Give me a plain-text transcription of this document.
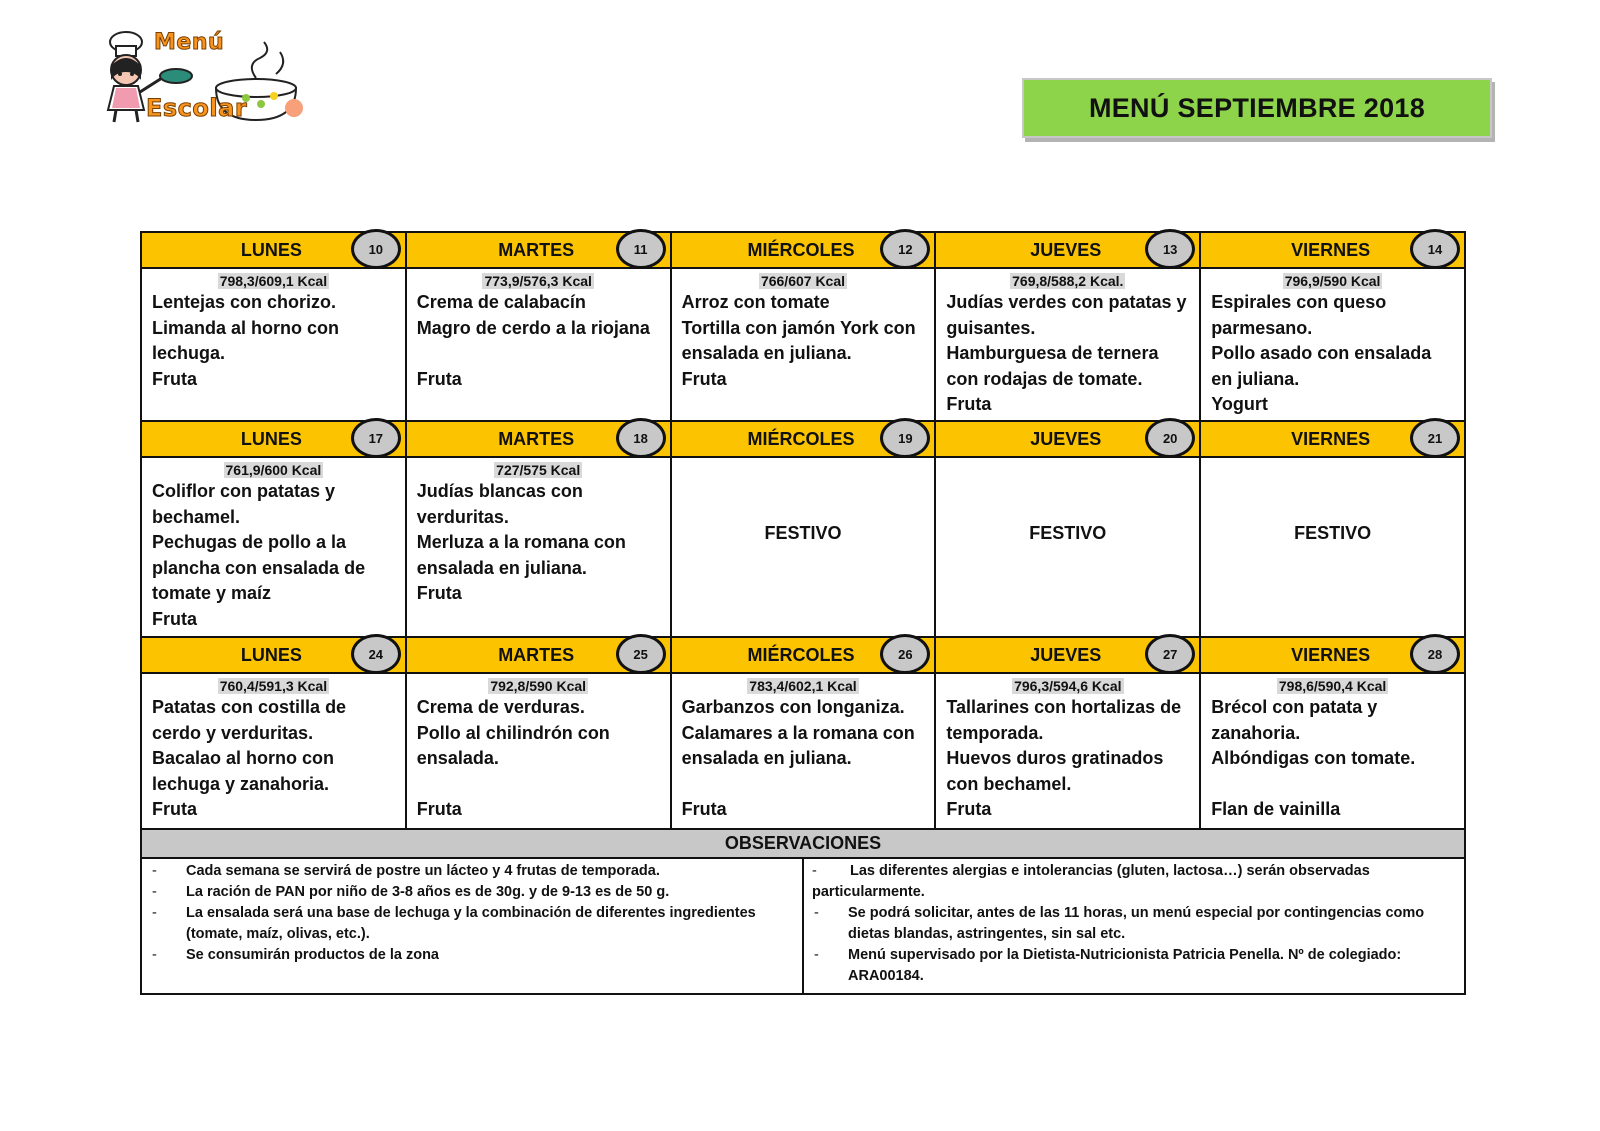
Menú
Escolar	MENÚ SEPTIEMBRE 2018
LUNES	10
798,3/609,1 Kcal
Lentejas con chorizo.
Limanda al horno con lechuga.
Fruta
MARTES	11
773,9/576,3 Kcal
Crema de calabacín
Magro de cerdo a la riojana

Fruta
MIÉRCOLES	12
766/607 Kcal
Arroz con tomate
Tortilla con jamón York con ensalada en juliana.
Fruta
JUEVES	13
769,8/588,2 Kcal.
Judías verdes con patatas y guisantes.
Hamburguesa de ternera con rodajas de tomate.
Fruta
VIERNES	14
796,9/590 Kcal
Espirales con queso parmesano.
Pollo asado con ensalada en juliana.
Yogurt
LUNES	17
761,9/600 Kcal
Coliflor con patatas y bechamel.
Pechugas de pollo a la plancha con ensalada de tomate y maíz
Fruta
MARTES	18
727/575 Kcal
Judías blancas con verduritas.
Merluza a la romana con ensalada en juliana.
Fruta
MIÉRCOLES	19
FESTIVO
JUEVES	20
FESTIVO
VIERNES	21
FESTIVO
LUNES	24
760,4/591,3 Kcal
Patatas con costilla de cerdo y verduritas.
Bacalao al horno con lechuga y zanahoria.
Fruta
MARTES	25
792,8/590 Kcal
Crema de verduras.
Pollo al chilindrón con ensalada.

Fruta
MIÉRCOLES	26
783,4/602,1 Kcal
Garbanzos con longaniza.
Calamares a la romana con ensalada en juliana.

Fruta
JUEVES	27
796,3/594,6 Kcal
Tallarines con hortalizas de temporada.
Huevos duros gratinados con bechamel.
Fruta
VIERNES	28
798,6/590,4 Kcal
Brécol con patata y zanahoria.
Albóndigas con tomate.

Flan de vainilla
OBSERVACIONES
-	Cada semana se servirá de postre un lácteo y 4 frutas de temporada.
-	La ración de PAN por niño de 3-8 años es de 30g. y de 9-13 es de 50 g.
-	La ensalada será una base de lechuga y la combinación de diferentes ingredientes (tomate, maíz, olivas, etc.).
-	Se consumirán productos de la zona
- Las diferentes alergias e intolerancias (gluten, lactosa…) serán observadas particularmente.
-	Se podrá solicitar, antes de las 11 horas, un menú especial por contingencias como dietas blandas, astringentes, sin sal etc.
-	Menú supervisado por la Dietista-Nutricionista Patricia Penella. Nº de colegiado: ARA00184.
